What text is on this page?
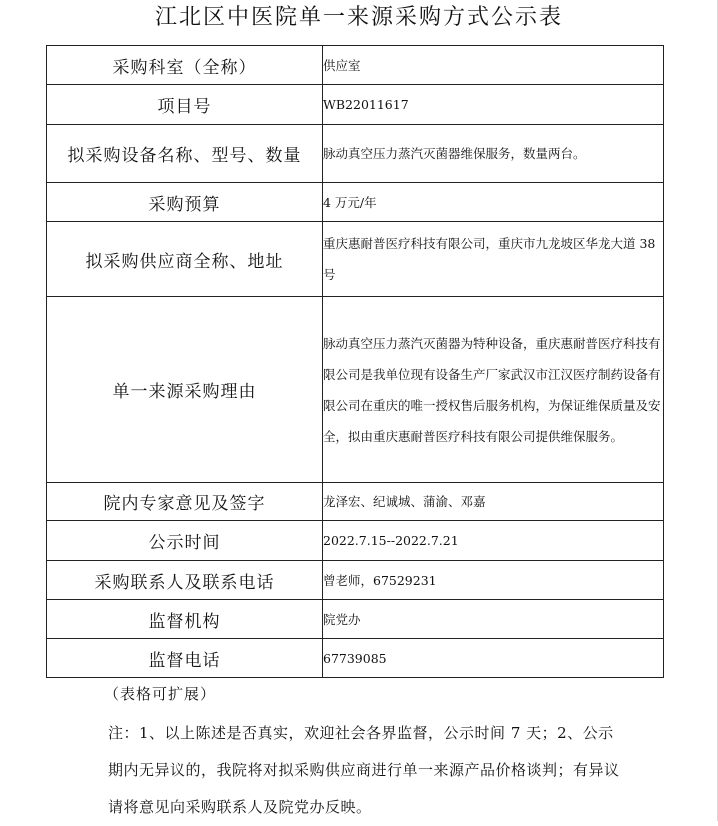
江北区中医院单一来源采购方式公示表
采购科室（全称）	供应室
项目号	WB22011617
拟采购设备名称、型号、数量	脉动真空压力蒸汽灭菌器维保服务，数量两台。
采购预算	4 万元/年
拟采购供应商全称、地址	重庆惠耐普医疗科技有限公司，重庆市九龙坡区华龙大道 38 号
单一来源采购理由	脉动真空压力蒸汽灭菌器为特种设备，重庆惠耐普医疗科技有限公司是我单位现有设备生产厂家武汉市江汉医疗制药设备有限公司在重庆的唯一授权售后服务机构，为保证维保质量及安全，拟由重庆惠耐普医疗科技有限公司提供维保服务。
院内专家意见及签字	龙泽宏、纪诚城、蒲渝、邓嘉
公示时间	2022.7.15--2022.7.21
采购联系人及联系电话	曾老师，67529231
监督机构	院党办
监督电话	67739085
（表格可扩展）
注：1、以上陈述是否真实，欢迎社会各界监督，公示时间 7 天；2、公示期内无异议的，我院将对拟采购供应商进行单一来源产品价格谈判；有异议请将意见向采购联系人及院党办反映。
